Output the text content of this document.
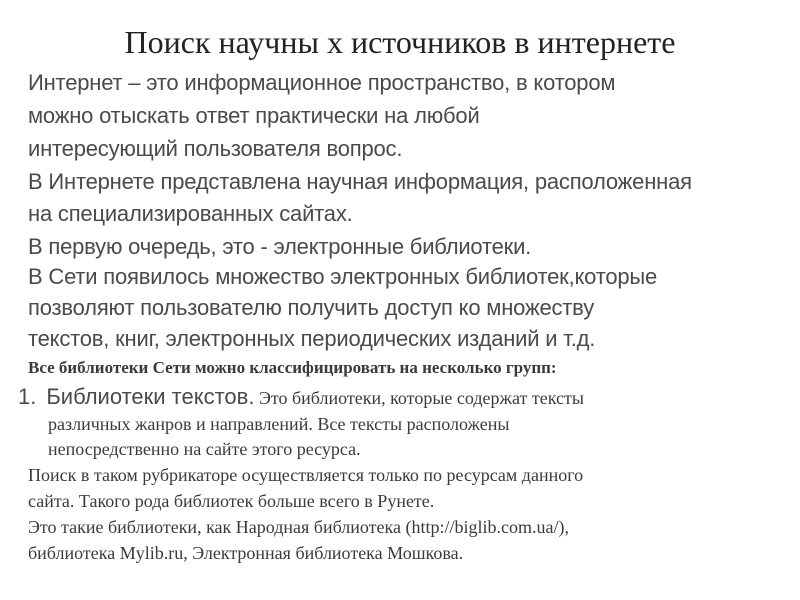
Поиск научны х источников в интернете
Интернет – это информационное пространство, в котором
можно отыскать ответ практически на любой
интересующий пользователя вопрос.
В Интернете представлена научная информация, расположенная
на специализированных сайтах.
В первую очередь, это - электронные библиотеки.
В Сети появилось множество электронных библиотек,которые
позволяют пользователю получить доступ ко множеству
текстов, книг, электронных периодических изданий и т.д.
Все библиотеки Сети можно классифицировать на несколько групп:
1. Библиотеки текстов. Это библиотеки, которые содержат тексты
различных жанров и направлений. Все тексты расположены
непосредственно на сайте этого ресурса.
Поиск в таком рубрикаторе осуществляется только по ресурсам данного
сайта. Такого рода библиотек больше всего в Рунете.
Это такие библиотеки, как Народная библиотека (http://biglib.com.ua/),
библиотека Mylib.ru, Электронная библиотека Мошкова.
